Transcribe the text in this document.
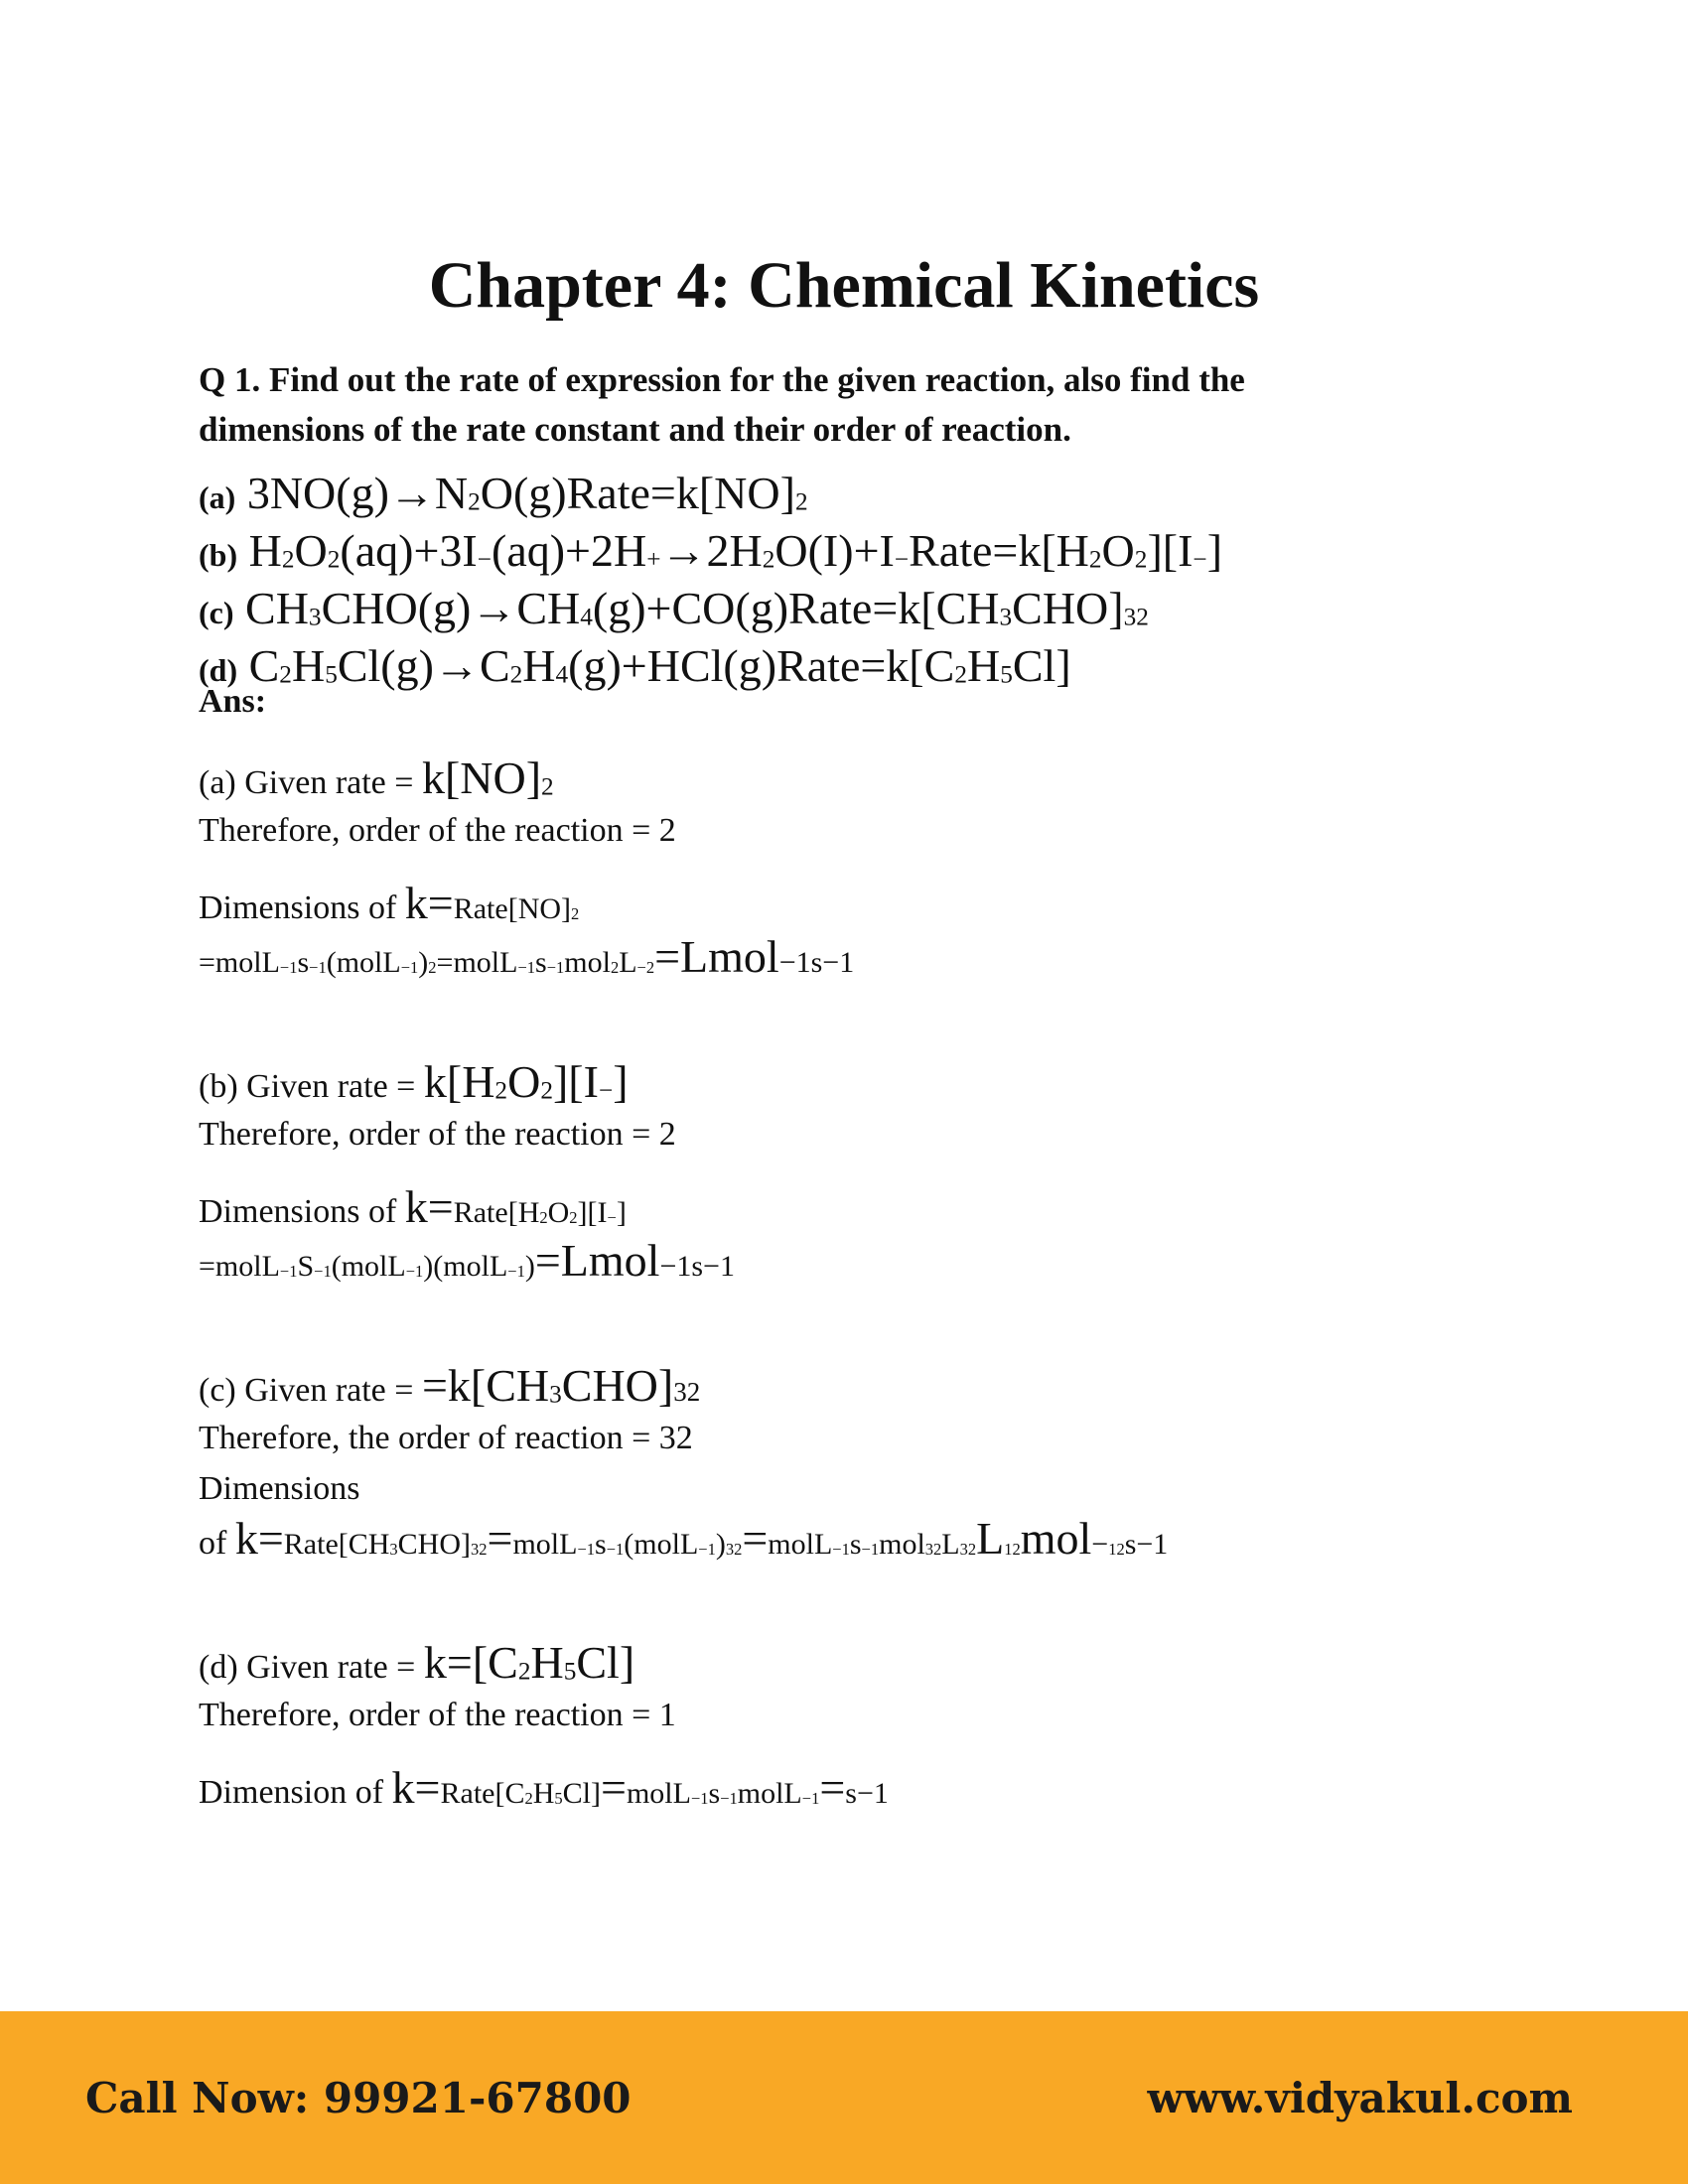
Chapter 4: Chemical Kinetics
Q 1. Find out the rate of expression for the given reaction, also find the dimensions of the rate constant and their order of reaction.
(a) $3NO(g)\to N_2O(g)Rate=k[NO]_2$
(b) $H_2O_2(aq)+3I_-(aq)+2H_+\to 2H_2O(I)+I_-Rate=k[H_2O_2][I_-]$
(c) $CH_3CHO(g)\to CH_4(g)+CO(g)Rate=k[CH_3CHO]_{32}$
(d) $C_2H_5Cl(g)\to C_2H_4(g)+HCl(g)Rate=k[C_2H_5Cl]$
Ans:
(a) Given rate = $k[NO]_2$
Therefore, order of the reaction = 2
Dimensions of $k=Rate[NO]_2$
$=molL_{-1}s_{-1}(molL_{-1})_2=molL_{-1}s_{-1}mol_2L_{-2}=Lmol-1s-1$
(b) Given rate = $k[H_2O_2][I_-]$
Therefore, order of the reaction = 2
Dimensions of $k=Rate[H_2O_2][I_-]$
$=molL_{-1}S_{-1}(molL_{-1})(molL_{-1})=Lmol-1s-1$
(c) Given rate = $=k[CH_3CHO]32$
Therefore, the order of reaction = 32
Dimensions
of $k=Rate[CH_3CHO]_{32}=molL_{-1}s_{-1}(molL_{-1})_{32}=molL_{-1}s_{-1}mol_{32}L_{32}L_{12}mol-_{12}s-1$
(d) Given rate = $k=[C_2H_5Cl]$
Therefore, order of the reaction = 1
Dimension of $k=Rate[C_2H_5Cl]=molL_{-1}s_{-1}molL_{-1}=s-1$
Call Now: 99921-67800	www.vidyakul.com
